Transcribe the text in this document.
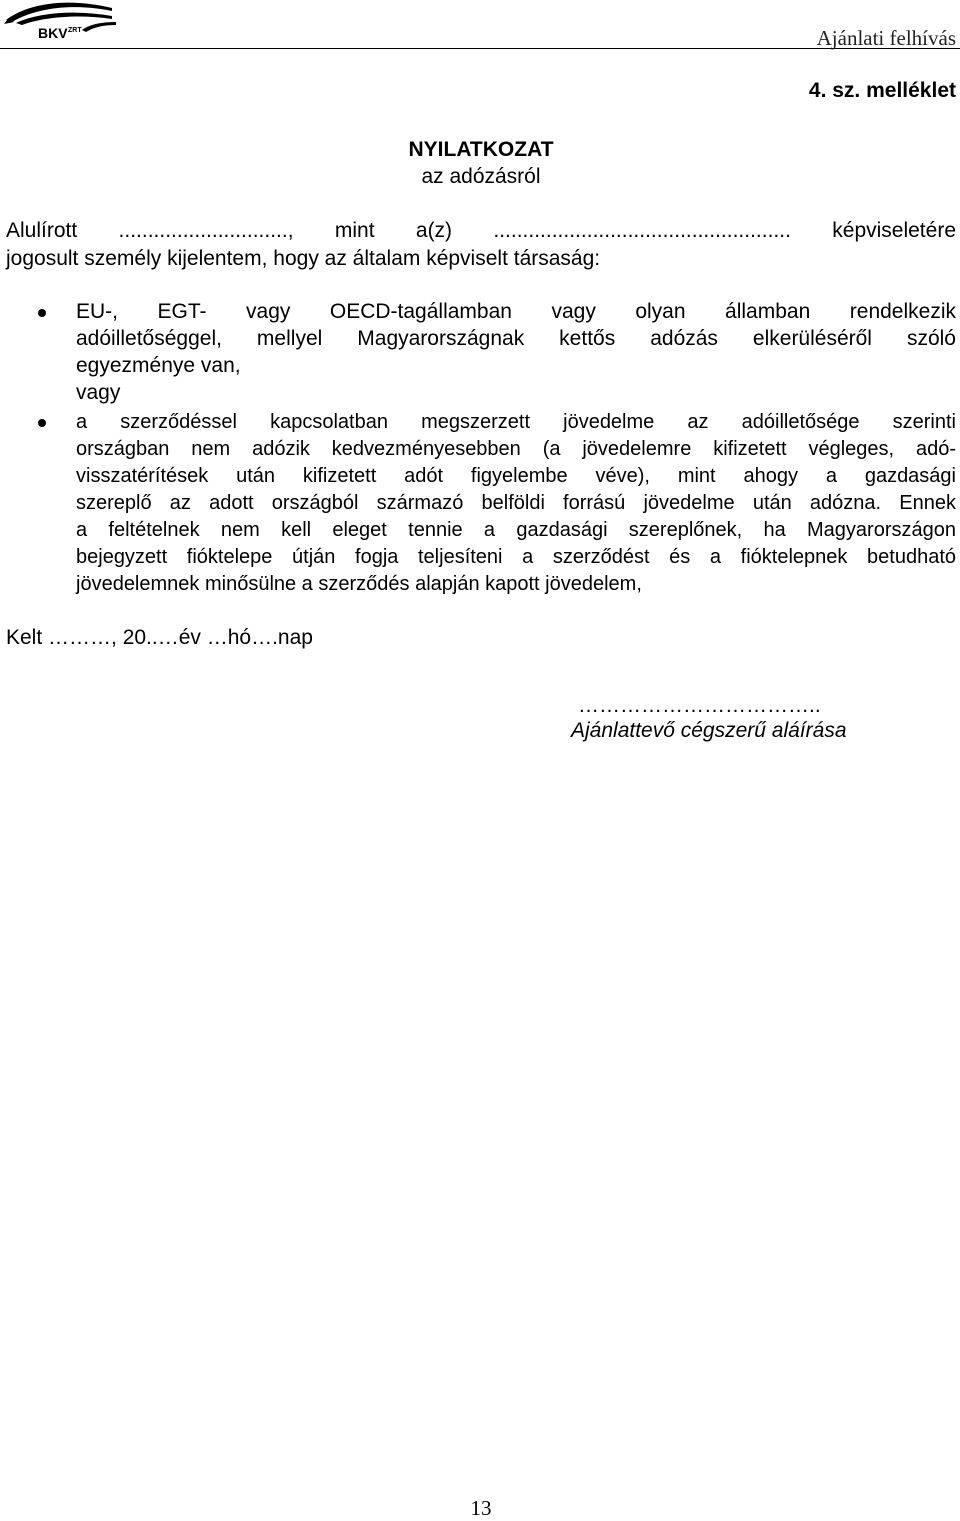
BKV ZRT	Ajánlati felhívás
4. sz. melléklet
NYILATKOZAT
az adózásról
Alulírott ............................., mint a(z) ................................................... képviseletére
jogosult személy kijelentem, hogy az általam képviselt társaság:
EU-, EGT- vagy OECD-tagállamban vagy olyan államban rendelkezik
adóilletőséggel, mellyel Magyarországnak kettős adózás elkerüléséről szóló
egyezménye van,
vagy
a szerződéssel kapcsolatban megszerzett jövedelme az adóilletősége szerinti
országban nem adózik kedvezményesebben (a jövedelemre kifizetett végleges, adó-
visszatérítések után kifizetett adót figyelembe véve), mint ahogy a gazdasági
szereplő az adott országból származó belföldi forrású jövedelme után adózna. Ennek
a feltételnek nem kell eleget tennie a gazdasági szereplőnek, ha Magyarországon
bejegyzett fióktelepe útján fogja teljesíteni a szerződést és a fióktelepnek betudható
jövedelemnek minősülne a szerződés alapján kapott jövedelem,
Kelt ………, 20..…év …hó….nap
……………………………..
Ajánlattevő cégszerű aláírása
13
